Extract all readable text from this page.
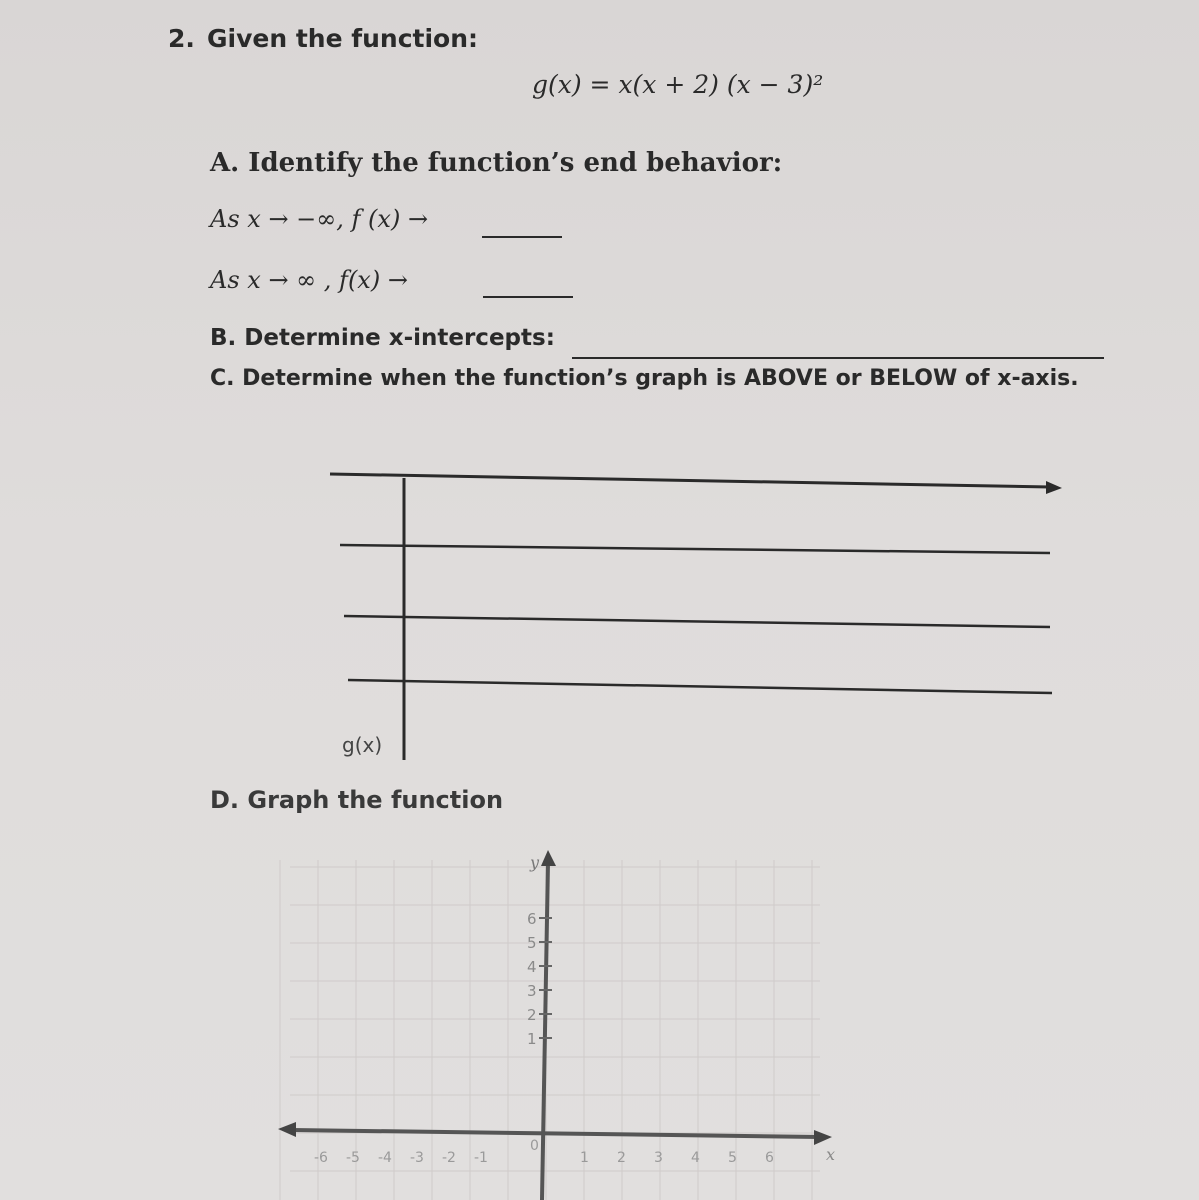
2. Given the function:
g(x) = x(x + 2) (x − 3)²
A. Identify the function’s end behavior:
As x → −∞, f (x) →
As x → ∞ , f(x) →
B. Determine x-intercepts:
C. Determine when the function’s graph is ABOVE or BELOW of x-axis.
g(x)
D. Graph the function
y
x
6
5
4
3
2
1
-6 -5 -4 -3 -2 -1	1 2 3 4 5 6
0
